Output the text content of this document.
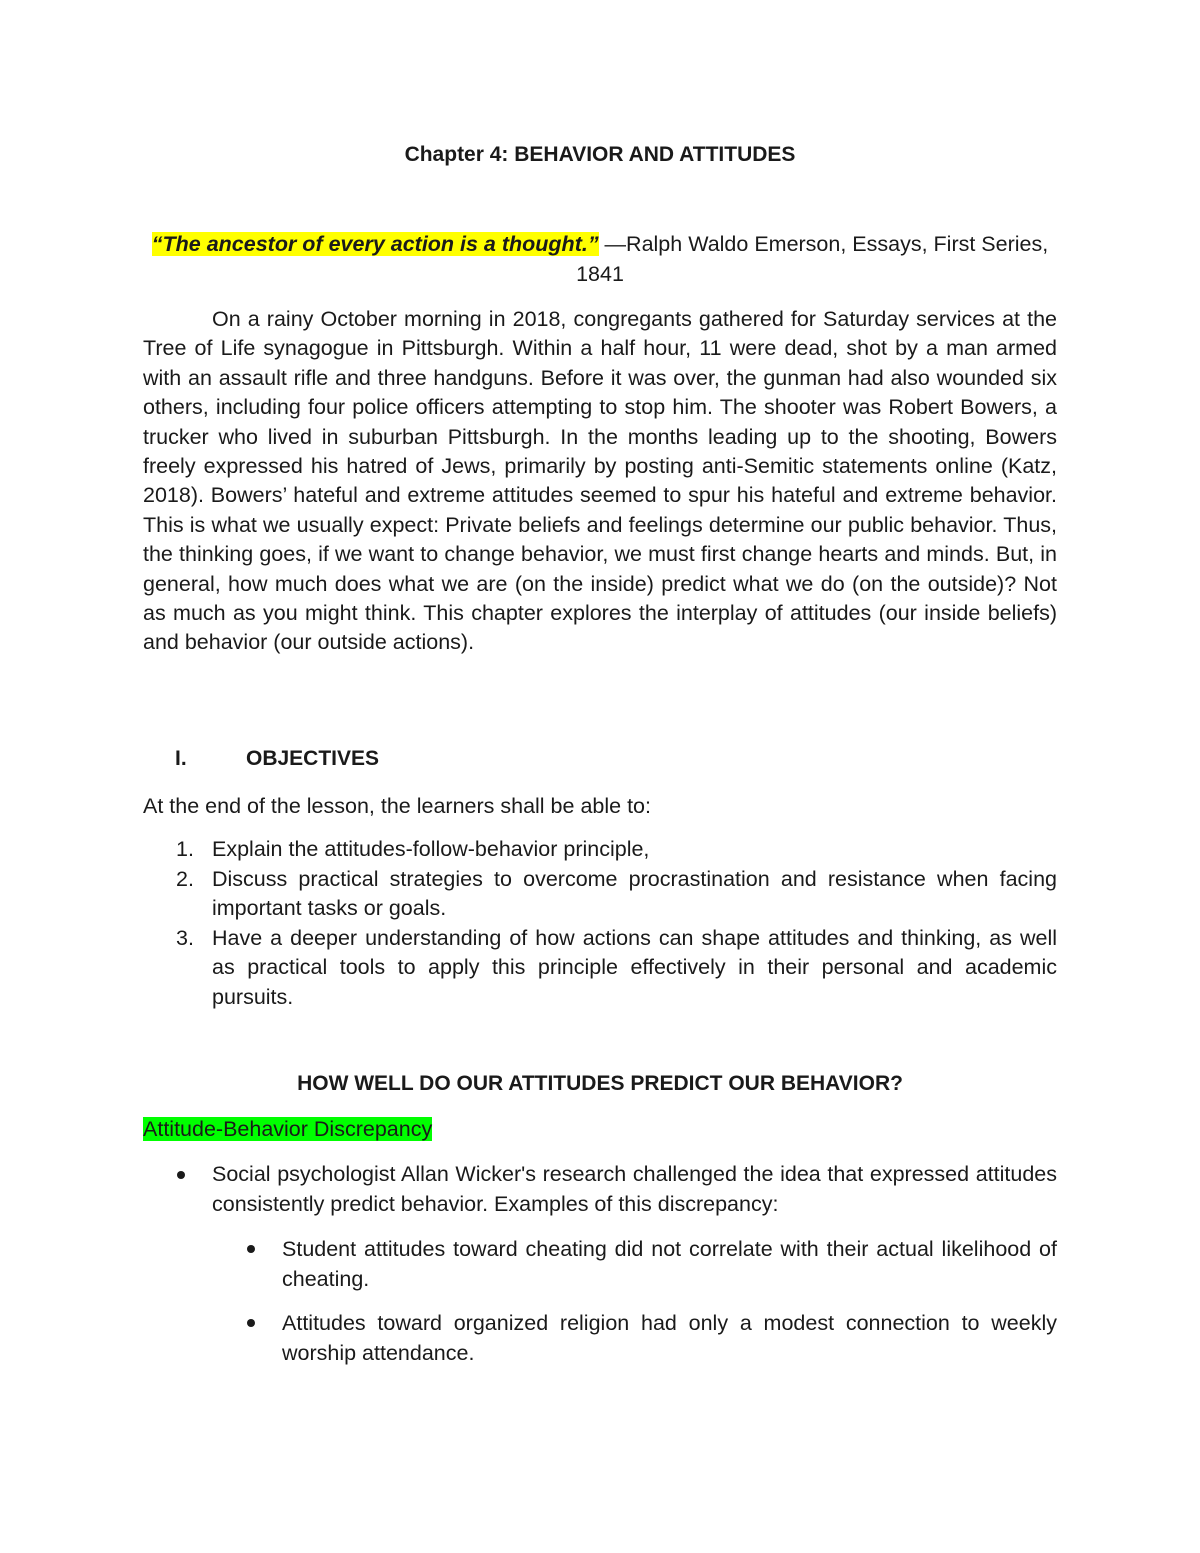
Chapter 4: BEHAVIOR AND ATTITUDES
“The ancestor of every action is a thought.” —Ralph Waldo Emerson, Essays, First Series, 1841

On a rainy October morning in 2018, congregants gathered for Saturday services at the Tree of Life synagogue in Pittsburgh. Within a half hour, 11 were dead, shot by a man armed with an assault rifle and three handguns. Before it was over, the gunman had also wounded six others, including four police officers attempting to stop him. The shooter was Robert Bowers, a trucker who lived in suburban Pittsburgh. In the months leading up to the shooting, Bowers freely expressed his hatred of Jews, primarily by posting anti-Semitic statements online (Katz, 2018). Bowers’ hateful and extreme attitudes seemed to spur his hateful and extreme behavior. This is what we usually expect: Private beliefs and feelings determine our public behavior. Thus, the thinking goes, if we want to change behavior, we must first change hearts and minds. But, in general, how much does what we are (on the inside) predict what we do (on the outside)? Not as much as you might think. This chapter explores the interplay of attitudes (our inside beliefs) and behavior (our outside actions).

I.	OBJECTIVES
At the end of the lesson, the learners shall be able to:
1. Explain the attitudes-follow-behavior principle,
2. Discuss practical strategies to overcome procrastination and resistance when facing important tasks or goals.
3. Have a deeper understanding of how actions can shape attitudes and thinking, as well as practical tools to apply this principle effectively in their personal and academic pursuits.
HOW WELL DO OUR ATTITUDES PREDICT OUR BEHAVIOR?
Attitude-Behavior Discrepancy
Social psychologist Allan Wicker's research challenged the idea that expressed attitudes consistently predict behavior. Examples of this discrepancy:
Student attitudes toward cheating did not correlate with their actual likelihood of cheating.
Attitudes toward organized religion had only a modest connection to weekly worship attendance.
